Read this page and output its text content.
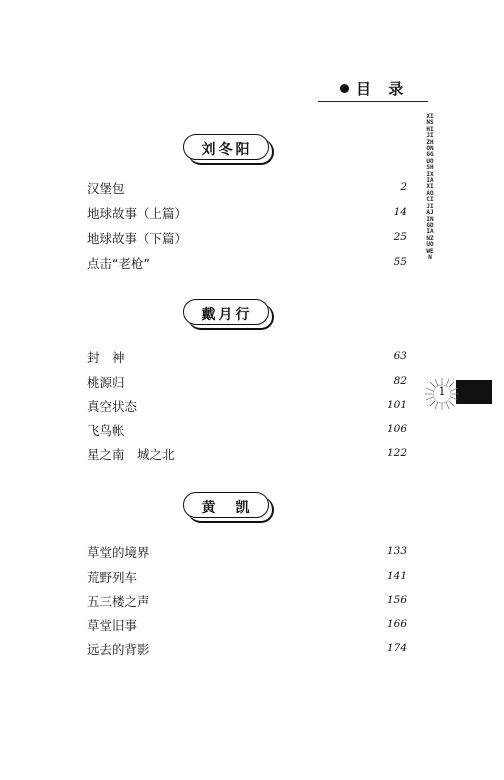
目 录
XINSHIJIZHONGGUOSHIXIAXIAOCIJIAJINGDIANZUOWEN
1
刘冬阳
汉堡包	2
地球故事（上篇）	14
地球故事（下篇）	25
点击“老枪”	55
戴月行
封　神	63
桃源归	82
真空状态	101
飞鸟帐	106
星之南　城之北	122
黄　凯
草堂的境界	133
荒野列车	141
五三楼之声	156
草堂旧事	166
远去的背影	174
